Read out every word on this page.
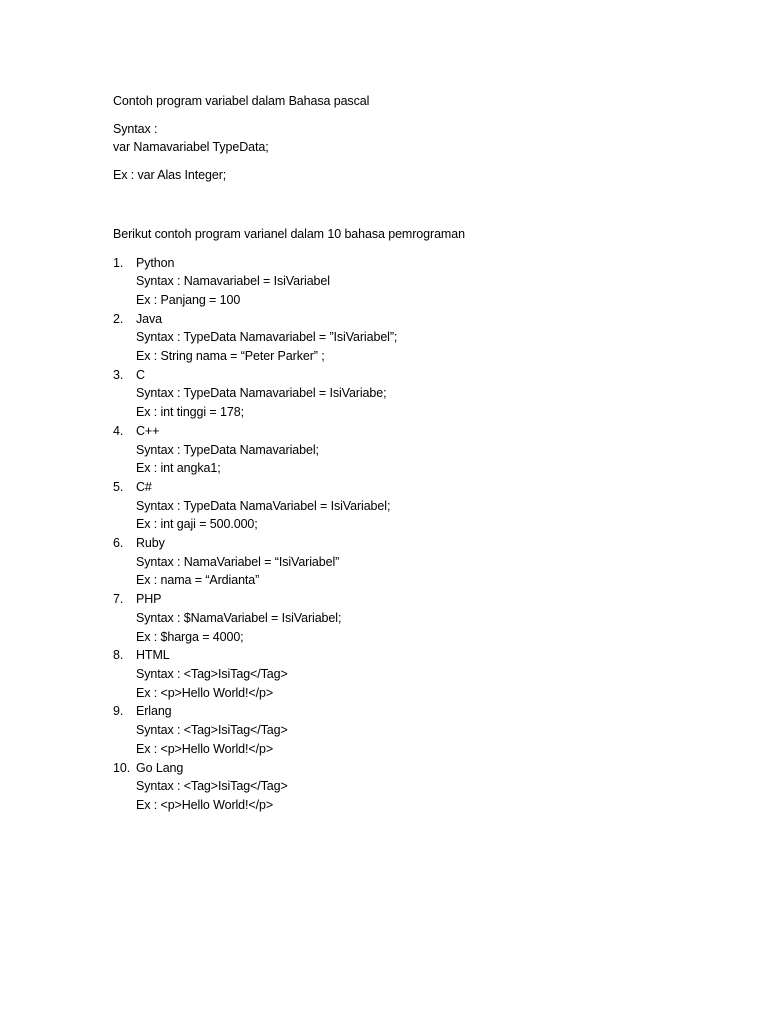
Contoh program variabel dalam Bahasa pascal

Syntax :

var Namavariabel TypeData;

Ex : var Alas Integer;

Berikut contoh program varianel dalam 10 bahasa pemrograman

1.	Python
Syntax : Namavariabel = IsiVariabel
Ex : Panjang = 100
2.	Java
Syntax : TypeData Namavariabel = ”IsiVariabel”;
Ex : String nama = “Peter Parker” ;
3.	C
Syntax : TypeData Namavariabel = IsiVariabe;
Ex : int tinggi = 178;
4.	C++
Syntax : TypeData Namavariabel;
Ex : int angka1;
5.	C#
Syntax : TypeData NamaVariabel = IsiVariabel;
Ex : int gaji = 500.000;
6.	Ruby
Syntax : NamaVariabel = “IsiVariabel”
Ex : nama = “Ardianta”
7.	PHP
Syntax : $NamaVariabel = IsiVariabel;
Ex : $harga = 4000;
8.	HTML
Syntax : <Tag>IsiTag</Tag>
Ex : <p>Hello World!</p>
9.	Erlang
Syntax : <Tag>IsiTag</Tag>
Ex : <p>Hello World!</p>
10. Go Lang
Syntax : <Tag>IsiTag</Tag>
Ex : <p>Hello World!</p>
